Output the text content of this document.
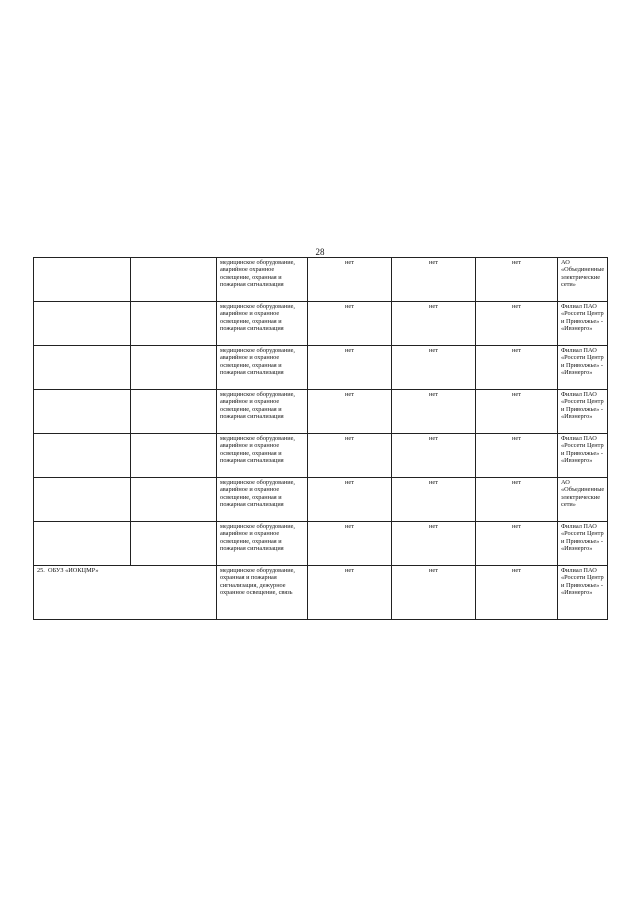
28
		медицинское оборудование, аварийное охранное освещение, охранная и пожарная сигнализация	нет	нет	нет	АО «Объединенные электрические сети»
		медицинское оборудование, аварийное и охранное освещение, охранная и пожарная сигнализация	нет	нет	нет	Филиал ПАО «Россети Центр и Приволжье» - «Ивэнерго»
		медицинское оборудование, аварийное и охранное освещение, охранная и пожарная сигнализация	нет	нет	нет	Филиал ПАО «Россети Центр и Приволжье» - «Ивэнерго»
		медицинское оборудование, аварийное и охранное освещение, охранная и пожарная сигнализация	нет	нет	нет	Филиал ПАО «Россети Центр и Приволжье» - «Ивэнерго»
		медицинское оборудование, аварийное и охранное освещение, охранная и пожарная сигнализация	нет	нет	нет	Филиал ПАО «Россети Центр и Приволжье» - «Ивэнерго»
		медицинское оборудование, аварийное и охранное освещение, охранная и пожарная сигнализация	нет	нет	нет	АО «Объединенные электрические сети»
		медицинское оборудование, аварийное и охранное освещение, охранная и пожарная сигнализация	нет	нет	нет	Филиал ПАО «Россети Центр и Приволжье» - «Ивэнерго»
25. ОБУЗ «ИОКЦМР»		медицинское оборудование, охранная и пожарная сигнализация, дежурное охранное освещение, связь	нет	нет	нет	Филиал ПАО «Россети Центр и Приволжье» - «Ивэнерго»
